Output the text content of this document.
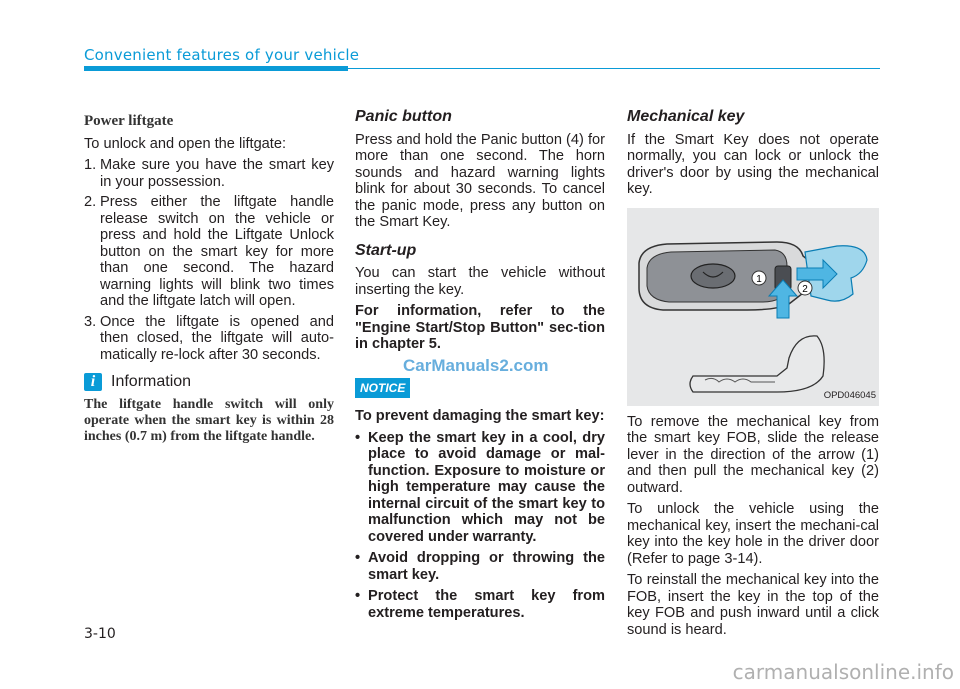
Convenient features of your vehicle
Power liftgate

To unlock and open the liftgate:

1. Make sure you have the smart key in your possession.
2. Press either the liftgate handle release switch on the vehicle or press and hold the Liftgate Unlock button on the smart key for more than one second. The hazard warning lights will blink two times and the liftgate latch will open.
3. Once the liftgate is opened and then closed, the liftgate will auto-matically re-lock after 30 seconds.
i Information
The liftgate handle switch will only operate when the smart key is within 28 inches (0.7 m) from the liftgate handle.
Panic button

Press and hold the Panic button (4) for more than one second. The horn sounds and hazard warning lights blink for about 30 seconds. To cancel the panic mode, press any button on the Smart Key.

Start-up

You can start the vehicle without inserting the key.

For information, refer to the "Engine Start/Stop Button" sec-tion in chapter 5.

CarManuals2.com
NOTICE

To prevent damaging the smart key:

• Keep the smart key in a cool, dry place to avoid damage or mal-function. Exposure to moisture or high temperature may cause the internal circuit of the smart key to malfunction which may not be covered under warranty.
• Avoid dropping or throwing the smart key.
• Protect the smart key from extreme temperatures.
Mechanical key

If the Smart Key does not operate normally, you can lock or unlock the driver's door by using the mechanical key.

1
2
OPD046045

To remove the mechanical key from the smart key FOB, slide the release lever in the direction of the arrow (1) and then pull the mechanical key (2) outward.

To unlock the vehicle using the mechanical key, insert the mechani-cal key into the key hole in the driver door (Refer to page 3-14).

To reinstall the mechanical key into the FOB, insert the key in the top of the key FOB and push inward until a click sound is heard.

3-10
carmanualsonline.info
